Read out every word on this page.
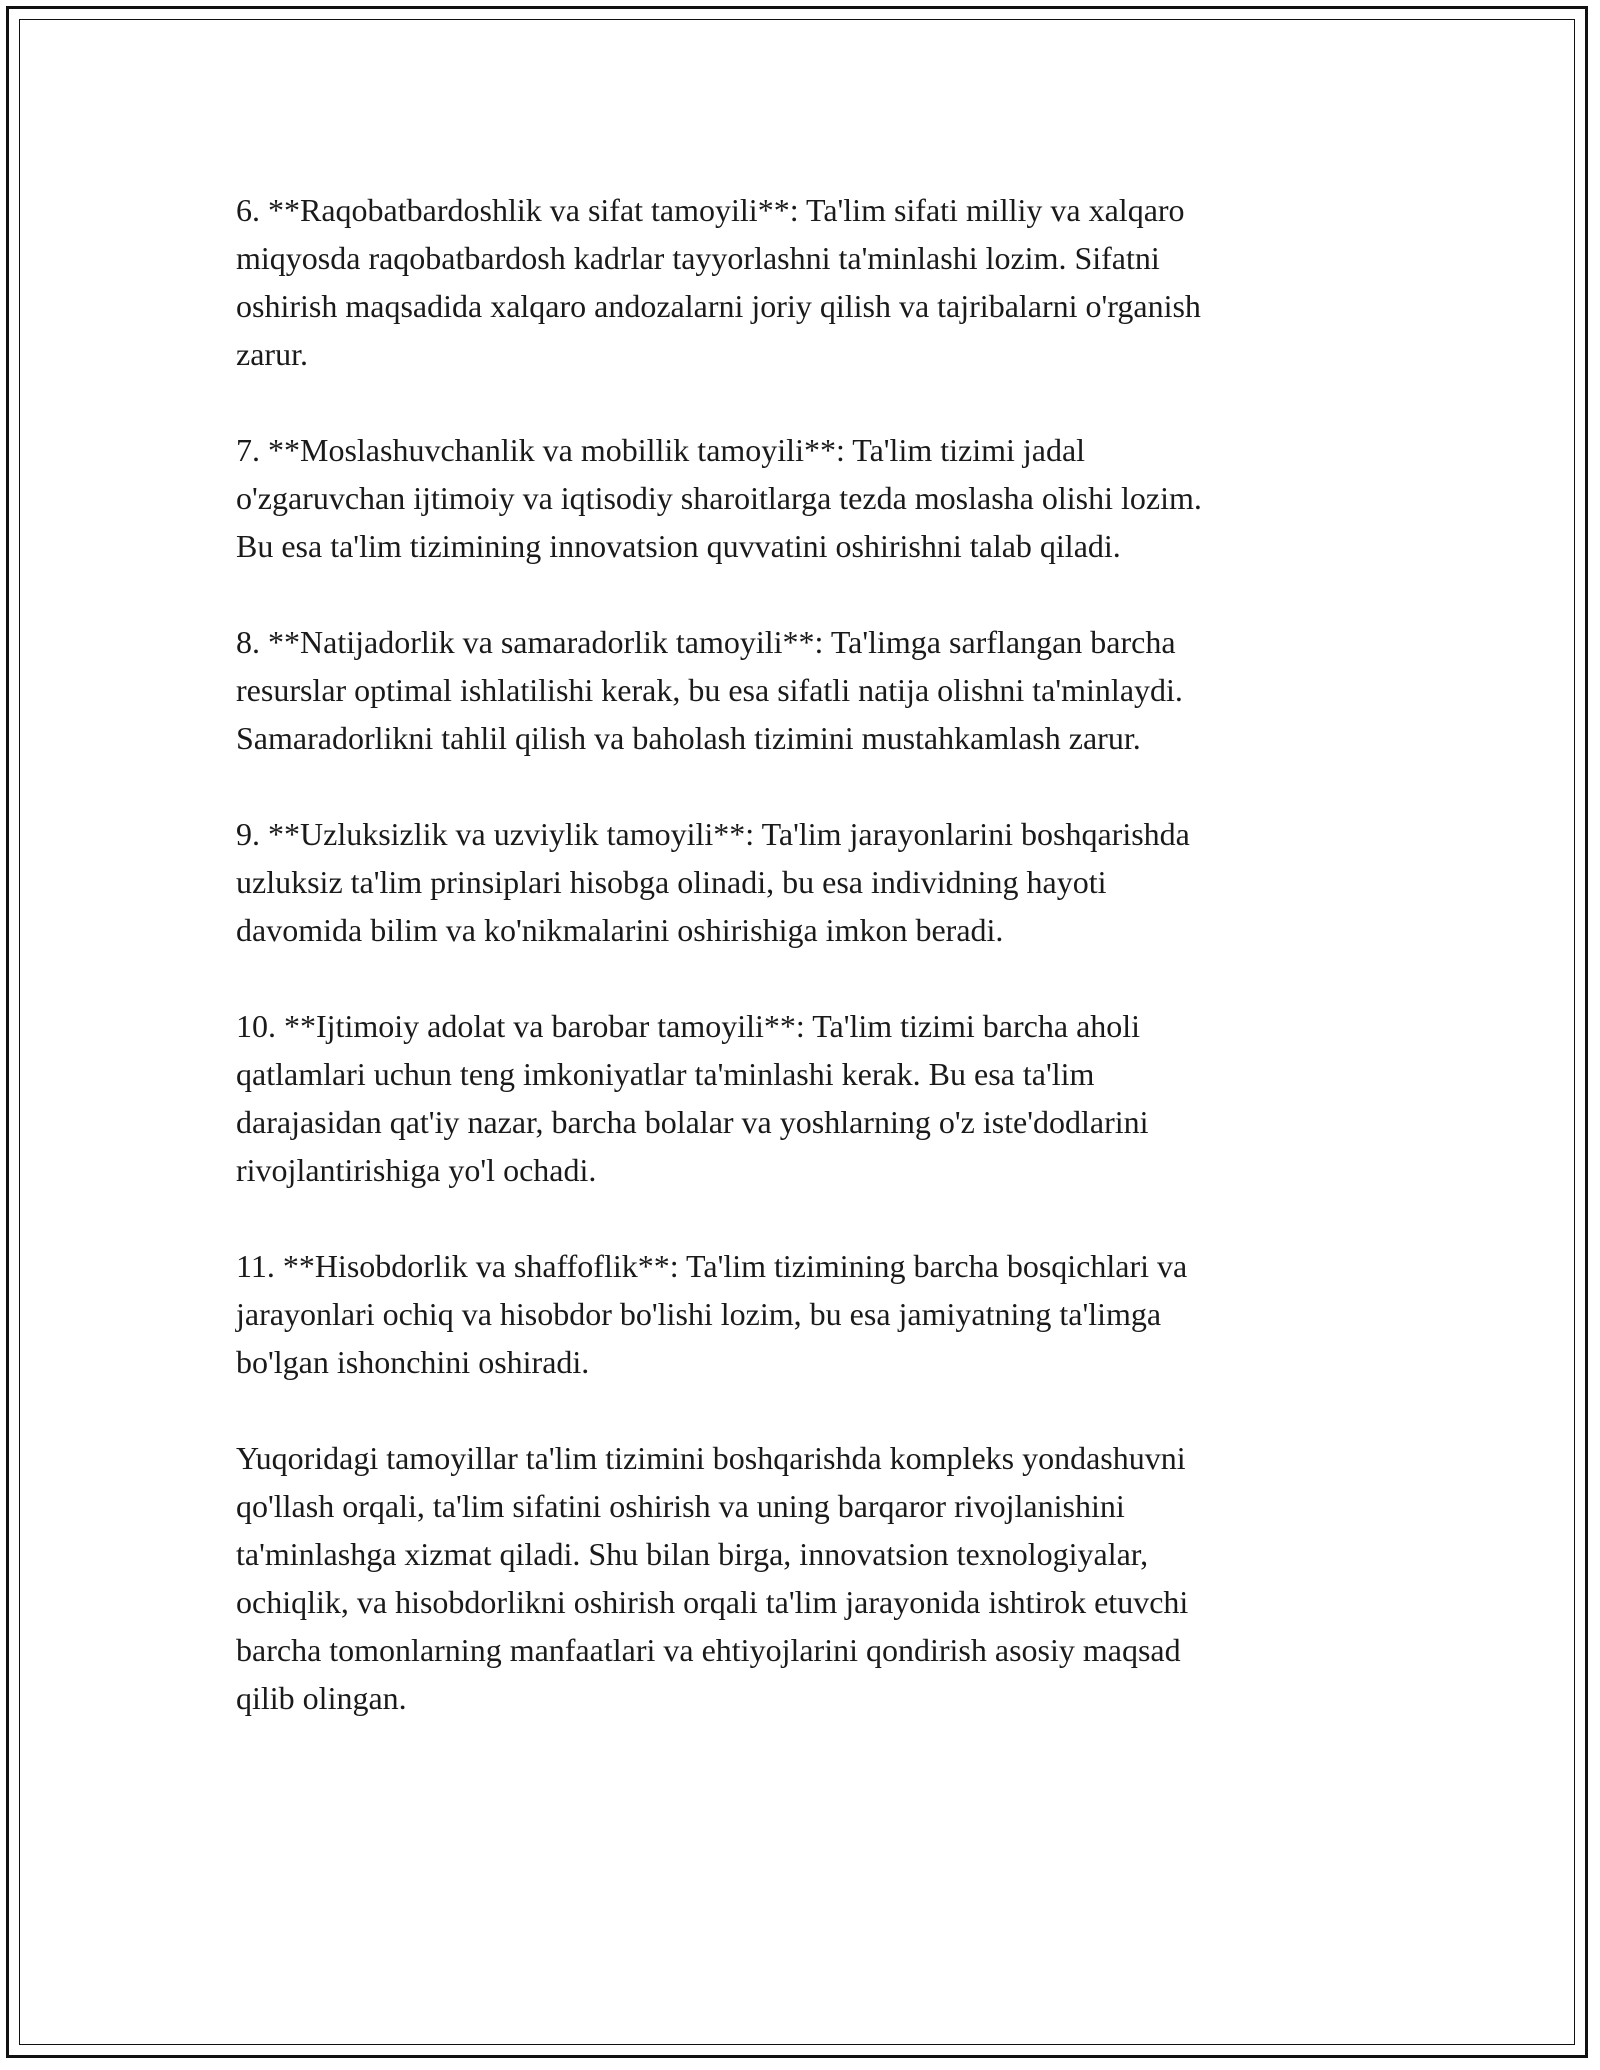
6. **Raqobatbardoshlik va sifat tamoyili**: Ta'lim sifati milliy va xalqaro
miqyosda raqobatbardosh kadrlar tayyorlashni ta'minlashi lozim. Sifatni
oshirish maqsadida xalqaro andozalarni joriy qilish va tajribalarni o'rganish
zarur.

7. **Moslashuvchanlik va mobillik tamoyili**: Ta'lim tizimi jadal
o'zgaruvchan ijtimoiy va iqtisodiy sharoitlarga tezda moslasha olishi lozim.
Bu esa ta'lim tizimining innovatsion quvvatini oshirishni talab qiladi.

8. **Natijadorlik va samaradorlik tamoyili**: Ta'limga sarflangan barcha
resurslar optimal ishlatilishi kerak, bu esa sifatli natija olishni ta'minlaydi.
Samaradorlikni tahlil qilish va baholash tizimini mustahkamlash zarur.

9. **Uzluksizlik va uzviylik tamoyili**: Ta'lim jarayonlarini boshqarishda
uzluksiz ta'lim prinsiplari hisobga olinadi, bu esa individning hayoti
davomida bilim va ko'nikmalarini oshirishiga imkon beradi.

10. **Ijtimoiy adolat va barobar tamoyili**: Ta'lim tizimi barcha aholi
qatlamlari uchun teng imkoniyatlar ta'minlashi kerak. Bu esa ta'lim
darajasidan qat'iy nazar, barcha bolalar va yoshlarning o'z iste'dodlarini
rivojlantirishiga yo'l ochadi.

11. **Hisobdorlik va shaffoflik**: Ta'lim tizimining barcha bosqichlari va
jarayonlari ochiq va hisobdor bo'lishi lozim, bu esa jamiyatning ta'limga
bo'lgan ishonchini oshiradi.

Yuqoridagi tamoyillar ta'lim tizimini boshqarishda kompleks yondashuvni
qo'llash orqali, ta'lim sifatini oshirish va uning barqaror rivojlanishini
ta'minlashga xizmat qiladi. Shu bilan birga, innovatsion texnologiyalar,
ochiqlik, va hisobdorlikni oshirish orqali ta'lim jarayonida ishtirok etuvchi
barcha tomonlarning manfaatlari va ehtiyojlarini qondirish asosiy maqsad
qilib olingan.
